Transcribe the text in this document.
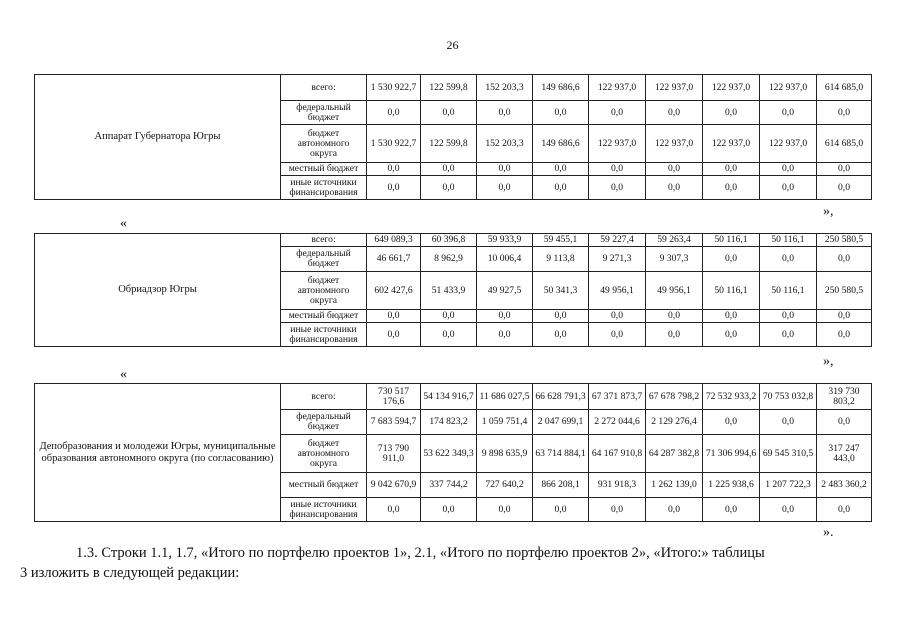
26
Аппарат Губернатора Югры	всего:	1 530 922,7	122 599,8	152 203,3	149 686,6	122 937,0	122 937,0	122 937,0	122 937,0	614 685,0
	федеральный бюджет	0,0	0,0	0,0	0,0	0,0	0,0	0,0	0,0	0,0
	бюджет автономного округа	1 530 922,7	122 599,8	152 203,3	149 686,6	122 937,0	122 937,0	122 937,0	122 937,0	614 685,0
	местный бюджет	0,0	0,0	0,0	0,0	0,0	0,0	0,0	0,0	0,0
	иные источники финансирования	0,0	0,0	0,0	0,0	0,0	0,0	0,0	0,0	0,0
»,
«
Обриадзор Югры	всего:	649 089,3	60 396,8	59 933,9	59 455,1	59 227,4	59 263,4	50 116,1	50 116,1	250 580,5
	федеральный бюджет	46 661,7	8 962,9	10 006,4	9 113,8	9 271,3	9 307,3	0,0	0,0	0,0
	бюджет автономного округа	602 427,6	51 433,9	49 927,5	50 341,3	49 956,1	49 956,1	50 116,1	50 116,1	250 580,5
	местный бюджет	0,0	0,0	0,0	0,0	0,0	0,0	0,0	0,0	0,0
	иные источники финансирования	0,0	0,0	0,0	0,0	0,0	0,0	0,0	0,0	0,0
»,
«
Депобразования и молодежи Югры, муниципальные образования автономного округа (по согласованию)	всего:	730 517 176,6	54 134 916,7	11 686 027,5	66 628 791,3	67 371 873,7	67 678 798,2	72 532 933,2	70 753 032,8	319 730 803,2
	федеральный бюджет	7 683 594,7	174 823,2	1 059 751,4	2 047 699,1	2 272 044,6	2 129 276,4	0,0	0,0	0,0
	бюджет автономного округа	713 790 911,0	53 622 349,3	9 898 635,9	63 714 884,1	64 167 910,8	64 287 382,8	71 306 994,6	69 545 310,5	317 247 443,0
	местный бюджет	9 042 670,9	337 744,2	727 640,2	866 208,1	931 918,3	1 262 139,0	1 225 938,6	1 207 722,3	2 483 360,2
	иные источники финансирования	0,0	0,0	0,0	0,0	0,0	0,0	0,0	0,0	0,0
».
1.3. Строки 1.1, 1.7, «Итого по портфелю проектов 1», 2.1, «Итого по портфелю проектов 2», «Итого:» таблицы
3 изложить в следующей редакции:
